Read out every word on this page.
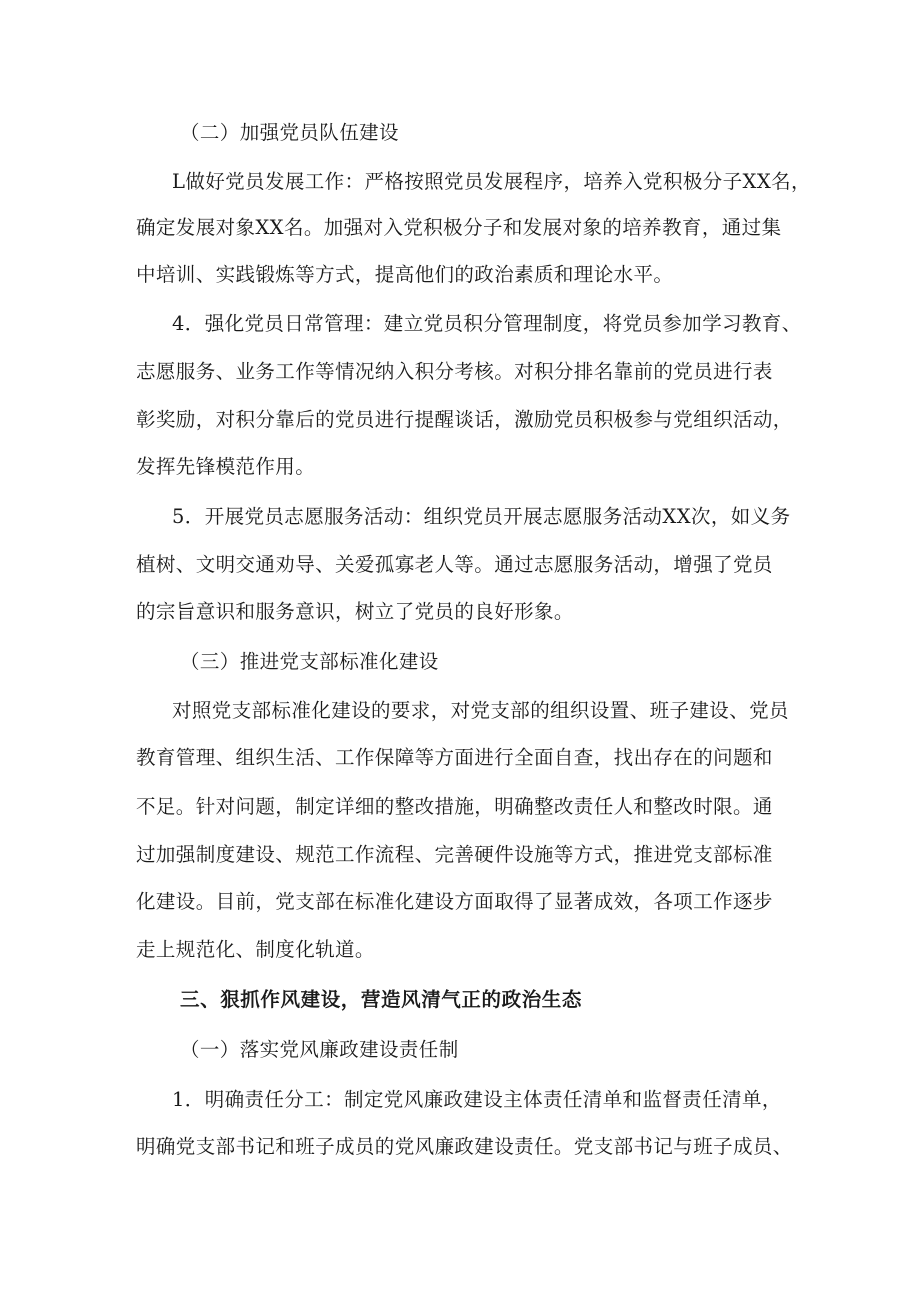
（二）加强党员队伍建设
L做好党员发展工作：严格按照党员发展程序，培养入党积极分子XX名，
确定发展对象XX名。加强对入党积极分子和发展对象的培养教育，通过集
中培训、实践锻炼等方式，提高他们的政治素质和理论水平。
4．强化党员日常管理：建立党员积分管理制度，将党员参加学习教育、
志愿服务、业务工作等情况纳入积分考核。对积分排名靠前的党员进行表
彰奖励，对积分靠后的党员进行提醒谈话，激励党员积极参与党组织活动，
发挥先锋模范作用。
5．开展党员志愿服务活动：组织党员开展志愿服务活动XX次，如义务
植树、文明交通劝导、关爱孤寡老人等。通过志愿服务活动，增强了党员
的宗旨意识和服务意识，树立了党员的良好形象。
（三）推进党支部标准化建设
对照党支部标准化建设的要求，对党支部的组织设置、班子建设、党员
教育管理、组织生活、工作保障等方面进行全面自查，找出存在的问题和
不足。针对问题，制定详细的整改措施，明确整改责任人和整改时限。通
过加强制度建设、规范工作流程、完善硬件设施等方式，推进党支部标准
化建设。目前，党支部在标准化建设方面取得了显著成效，各项工作逐步
走上规范化、制度化轨道。
三、狠抓作风建设，营造风清气正的政治生态
（一）落实党风廉政建设责任制
1．明确责任分工：制定党风廉政建设主体责任清单和监督责任清单，
明确党支部书记和班子成员的党风廉政建设责任。党支部书记与班子成员、
